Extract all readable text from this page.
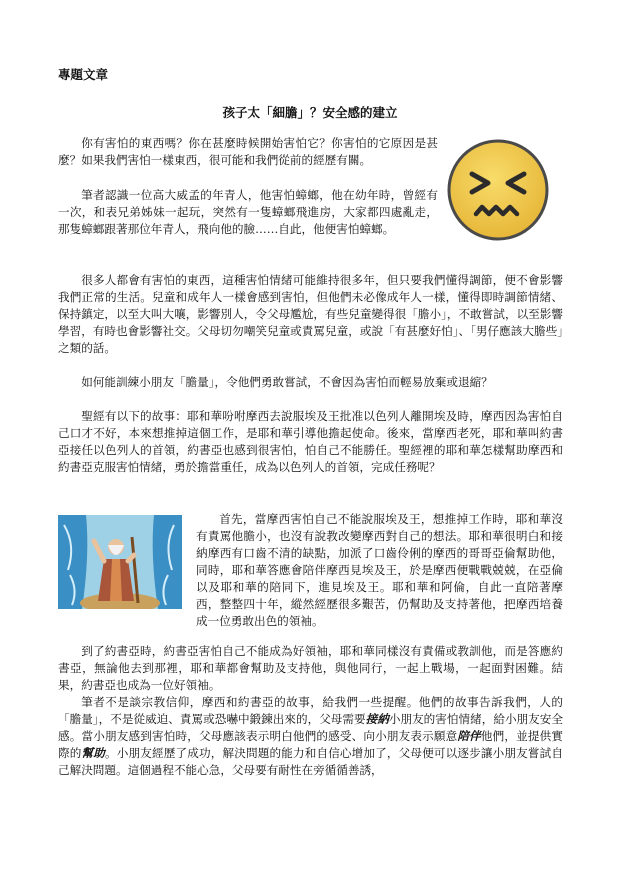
專題文章
孩子太「細膽」？安全感的建立

你有害怕的東西嗎？你在甚麼時候開始害怕它？你害怕的它原因是甚麼？如果我們害怕一樣東西，很可能和我們從前的經歷有關。

筆者認識一位高大威孟的年青人，他害怕蟑螂，他在幼年時，曾經有一次，和表兄弟姊妹一起玩，突然有一隻蟑螂飛進房，大家都四處亂走，那隻蟑螂跟著那位年青人，飛向他的臉……自此，他便害怕蟑螂。

很多人都會有害怕的東西，這種害怕情緒可能維持很多年，但只要我們懂得調節，便不會影響我們正常的生活。兒童和成年人一樣會感到害怕，但他們未必像成年人一樣，懂得即時調節情緒、保持鎮定，以至大叫大嚷，影響別人，令父母尷尬，有些兒童變得很「膽小」，不敢嘗試，以至影響學習，有時也會影響社交。父母切勿嘲笑兒童或責罵兒童，或說「有甚麼好怕」、「男仔應該大膽些」之類的話。

如何能訓練小朋友「膽量」，令他們勇敢嘗試，不會因為害怕而輕易放棄或退縮？

聖經有以下的故事：耶和華吩咐摩西去說服埃及王批准以色列人離開埃及時，摩西因為害怕自己口才不好，本來想推掉這個工作，是耶和華引導他擔起使命。後來，當摩西老死，耶和華叫約書亞接任以色列人的首領，約書亞也感到很害怕，怕自己不能勝任。聖經裡的耶和華怎樣幫助摩西和約書亞克服害怕情緒，勇於擔當重任，成為以色列人的首領，完成任務呢？

首先，當摩西害怕自己不能說服埃及王，想推掉工作時，耶和華沒有責罵他膽小，也沒有說教改變摩西對自己的想法。耶和華很明白和接納摩西有口齒不清的缺點，加派了口齒伶俐的摩西的哥哥亞倫幫助他，同時，耶和華答應會陪伴摩西見埃及王，於是摩西便戰戰兢兢，在亞倫以及耶和華的陪同下，進見埃及王。耶和華和阿倫，自此一直陪著摩西，整整四十年，縱然經歷很多艱苦，仍幫助及支持著他，把摩西培養成一位勇敢出色的領袖。

到了約書亞時，約書亞害怕自己不能成為好領袖，耶和華同樣沒有責備或教訓他，而是答應約書亞，無論他去到那裡，耶和華都會幫助及支持他，與他同行，一起上戰場，一起面對困難。結果，約書亞也成為一位好領袖。

筆者不是談宗教信仰，摩西和約書亞的故事，給我們一些提醒。他們的故事告訴我們，人的「膽量」，不是從威迫、責罵或恐嚇中鍛鍊出來的，父母需要接納小朋友的害怕情緒，給小朋友安全感。當小朋友感到害怕時，父母應該表示明白他們的感受、向小朋友表示願意陪伴他們，並提供實際的幫助。小朋友經歷了成功，解決問題的能力和自信心增加了，父母便可以逐步讓小朋友嘗試自己解決問題。這個過程不能心急，父母要有耐性在旁循循善誘，
